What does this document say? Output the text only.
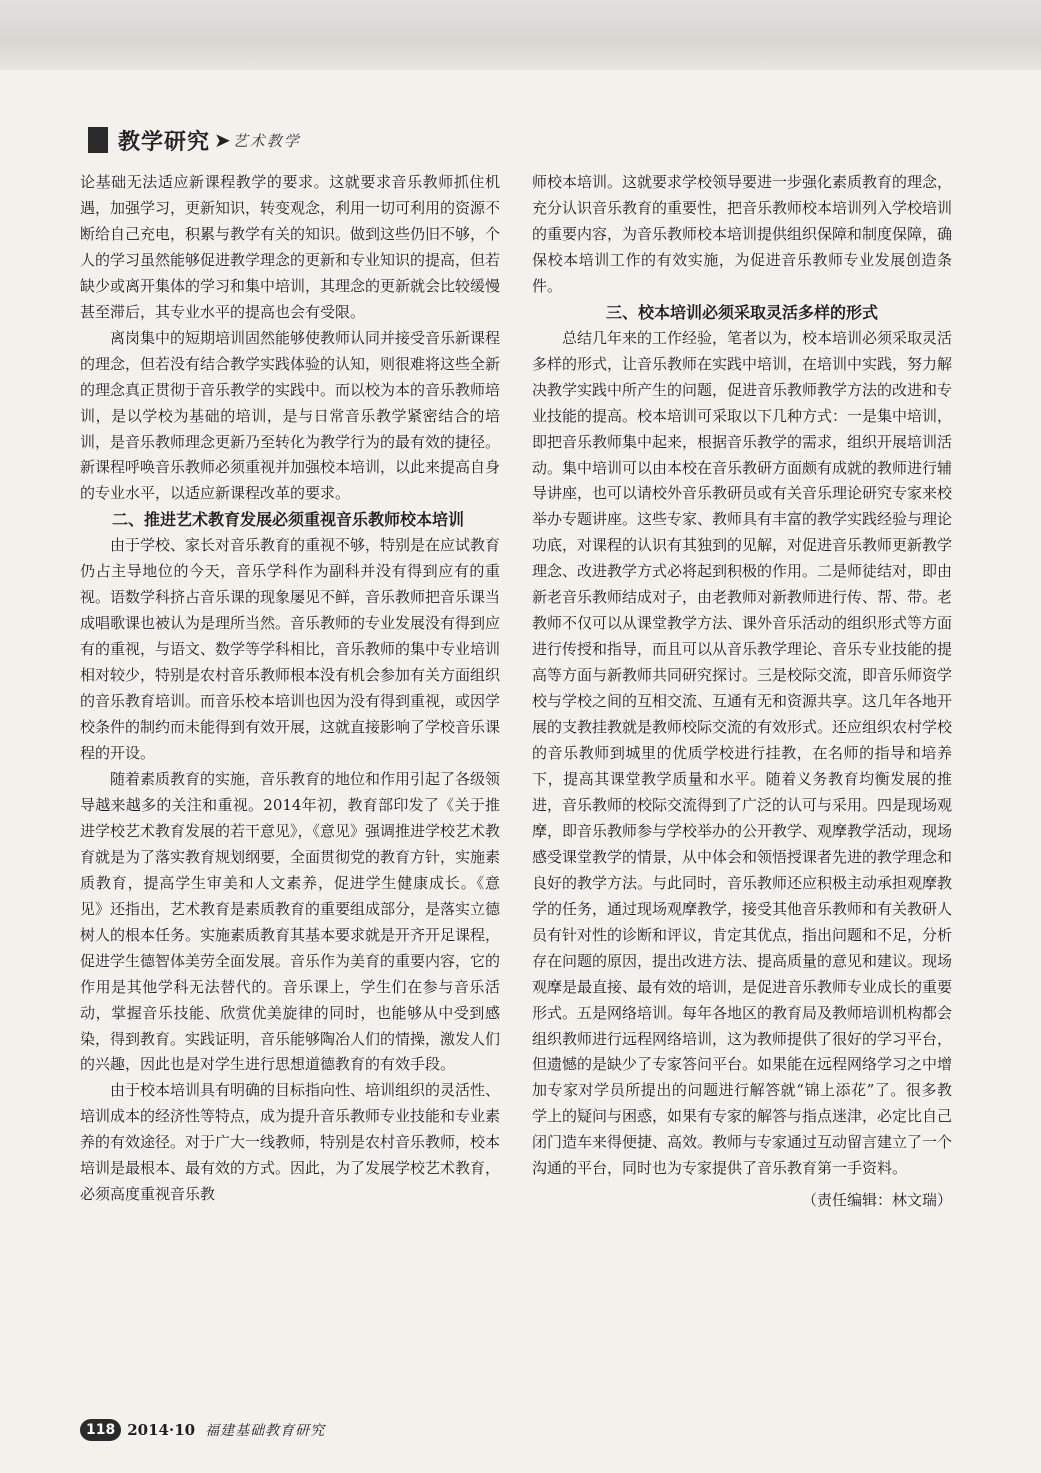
教学研究 ➤ 艺术教学

论基础无法适应新课程教学的要求。这就要求音乐教师抓住机遇，加强学习，更新知识，转变观念，利用一切可利用的资源不断给自己充电，积累与教学有关的知识。做到这些仍旧不够，个人的学习虽然能够促进教学理念的更新和专业知识的提高，但若缺少或离开集体的学习和集中培训，其理念的更新就会比较缓慢甚至滞后，其专业水平的提高也会有受限。

离岗集中的短期培训固然能够使教师认同并接受音乐新课程的理念，但若没有结合教学实践体验的认知，则很难将这些全新的理念真正贯彻于音乐教学的实践中。而以校为本的音乐教师培训，是以学校为基础的培训，是与日常音乐教学紧密结合的培训，是音乐教师理念更新乃至转化为教学行为的最有效的捷径。新课程呼唤音乐教师必须重视并加强校本培训，以此来提高自身的专业水平，以适应新课程改革的要求。

二、推进艺术教育发展必须重视音乐教师校本培训

由于学校、家长对音乐教育的重视不够，特别是在应试教育仍占主导地位的今天，音乐学科作为副科并没有得到应有的重视。语数学科挤占音乐课的现象屡见不鲜，音乐教师把音乐课当成唱歌课也被认为是理所当然。音乐教师的专业发展没有得到应有的重视，与语文、数学等学科相比，音乐教师的集中专业培训相对较少，特别是农村音乐教师根本没有机会参加有关方面组织的音乐教育培训。而音乐校本培训也因为没有得到重视，或因学校条件的制约而未能得到有效开展，这就直接影响了学校音乐课程的开设。

随着素质教育的实施，音乐教育的地位和作用引起了各级领导越来越多的关注和重视。2014年初，教育部印发了《关于推进学校艺术教育发展的若干意见》，《意见》强调推进学校艺术教育就是为了落实教育规划纲要，全面贯彻党的教育方针，实施素质教育，提高学生审美和人文素养，促进学生健康成长。《意见》还指出，艺术教育是素质教育的重要组成部分，是落实立德树人的根本任务。实施素质教育其基本要求就是开齐开足课程，促进学生德智体美劳全面发展。音乐作为美育的重要内容，它的作用是其他学科无法替代的。音乐课上，学生们在参与音乐活动，掌握音乐技能、欣赏优美旋律的同时，也能够从中受到感染，得到教育。实践证明，音乐能够陶冶人们的情操，激发人们的兴趣，因此也是对学生进行思想道德教育的有效手段。

由于校本培训具有明确的目标指向性、培训组织的灵活性、培训成本的经济性等特点，成为提升音乐教师专业技能和专业素养的有效途径。对于广大一线教师，特别是农村音乐教师，校本培训是最根本、最有效的方式。因此，为了发展学校艺术教育，必须高度重视音乐教

师校本培训。这就要求学校领导要进一步强化素质教育的理念，充分认识音乐教育的重要性，把音乐教师校本培训列入学校培训的重要内容，为音乐教师校本培训提供组织保障和制度保障，确保校本培训工作的有效实施，为促进音乐教师专业发展创造条件。

三、校本培训必须采取灵活多样的形式

总结几年来的工作经验，笔者以为，校本培训必须采取灵活多样的形式，让音乐教师在实践中培训，在培训中实践，努力解决教学实践中所产生的问题，促进音乐教师教学方法的改进和专业技能的提高。校本培训可采取以下几种方式：一是集中培训，即把音乐教师集中起来，根据音乐教学的需求，组织开展培训活动。集中培训可以由本校在音乐教研方面颇有成就的教师进行辅导讲座，也可以请校外音乐教研员或有关音乐理论研究专家来校举办专题讲座。这些专家、教师具有丰富的教学实践经验与理论功底，对课程的认识有其独到的见解，对促进音乐教师更新教学理念、改进教学方式必将起到积极的作用。二是师徒结对，即由新老音乐教师结成对子，由老教师对新教师进行传、帮、带。老教师不仅可以从课堂教学方法、课外音乐活动的组织形式等方面进行传授和指导，而且可以从音乐教学理论、音乐专业技能的提高等方面与新教师共同研究探讨。三是校际交流，即音乐师资学校与学校之间的互相交流、互通有无和资源共享。这几年各地开展的支教挂教就是教师校际交流的有效形式。还应组织农村学校的音乐教师到城里的优质学校进行挂教，在名师的指导和培养下，提高其课堂教学质量和水平。随着义务教育均衡发展的推进，音乐教师的校际交流得到了广泛的认可与采用。四是现场观摩，即音乐教师参与学校举办的公开教学、观摩教学活动，现场感受课堂教学的情景，从中体会和领悟授课者先进的教学理念和良好的教学方法。与此同时，音乐教师还应积极主动承担观摩教学的任务，通过现场观摩教学，接受其他音乐教师和有关教研人员有针对性的诊断和评议，肯定其优点，指出问题和不足，分析存在问题的原因，提出改进方法、提高质量的意见和建议。现场观摩是最直接、最有效的培训，是促进音乐教师专业成长的重要形式。五是网络培训。每年各地区的教育局及教师培训机构都会组织教师进行远程网络培训，这为教师提供了很好的学习平台，但遗憾的是缺少了专家答问平台。如果能在远程网络学习之中增加专家对学员所提出的问题进行解答就“锦上添花”了。很多教学上的疑问与困惑，如果有专家的解答与指点迷津，必定比自己闭门造车来得便捷、高效。教师与专家通过互动留言建立了一个沟通的平台，同时也为专家提供了音乐教育第一手资料。

（责任编辑：林文瑞）
118 2014·10 福建基础教育研究
